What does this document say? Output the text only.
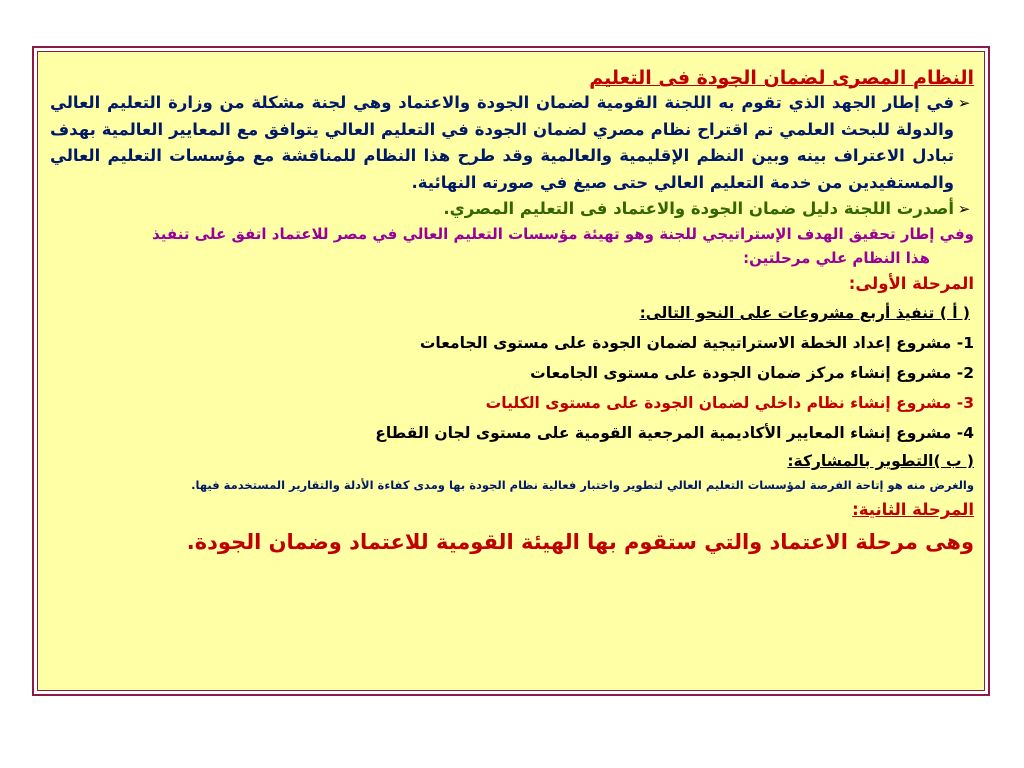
النظام المصرى لضمان الجودة فى التعليم

➢

في إطار الجهد الذي تقوم به اللجنة القومية لضمان الجودة والاعتماد وهي لجنة مشكلة من وزارة التعليم العالي والدولة للبحث العلمي تم اقتراح نظام مصري لضمان الجودة في التعليم العالي يتوافق مع المعايير العالمية بهدف تبادل الاعتراف بينه وبين النظم الإقليمية والعالمية وقد طرح هذا النظام للمناقشة مع مؤسسات التعليم العالي والمستفيدين من خدمة التعليم العالي حتى صيغ في صورته النهائية.

➢

أصدرت اللجنة دليل ضمان الجودة والاعتماد فى التعليم المصري.

وفي إطار تحقيق الهدف الإستراتيجي للجنة وهو تهيئة مؤسسات التعليم العالي في مصر للاعتماد اتفق على تنفيذ

هذا النظام علي مرحلتين:

المرحلة الأولى:

( أ ) تنفيذ أربع مشروعات على النحو التالى:

1- مشروع إعداد الخطة الاستراتيجية لضمان الجودة على مستوى الجامعات

2- مشروع إنشاء مركز ضمان الجودة على مستوى الجامعات

3- مشروع إنشاء نظام داخلي لضمان الجودة على مستوى الكليات

4- مشروع إنشاء المعايير الأكاديمية المرجعية القومية على مستوى لجان القطاع

( ب )التطوير بالمشاركة:

والغرض منه هو إتاحة الفرصة لمؤسسات التعليم العالي لتطوير واختبار فعالية نظام الجودة بها ومدى كفاءة الأدلة والتقارير المستخدمة فيها.

المرحلة الثانية:

وهى مرحلة الاعتماد والتي ستقوم بها الهيئة القومية للاعتماد وضمان الجودة.
